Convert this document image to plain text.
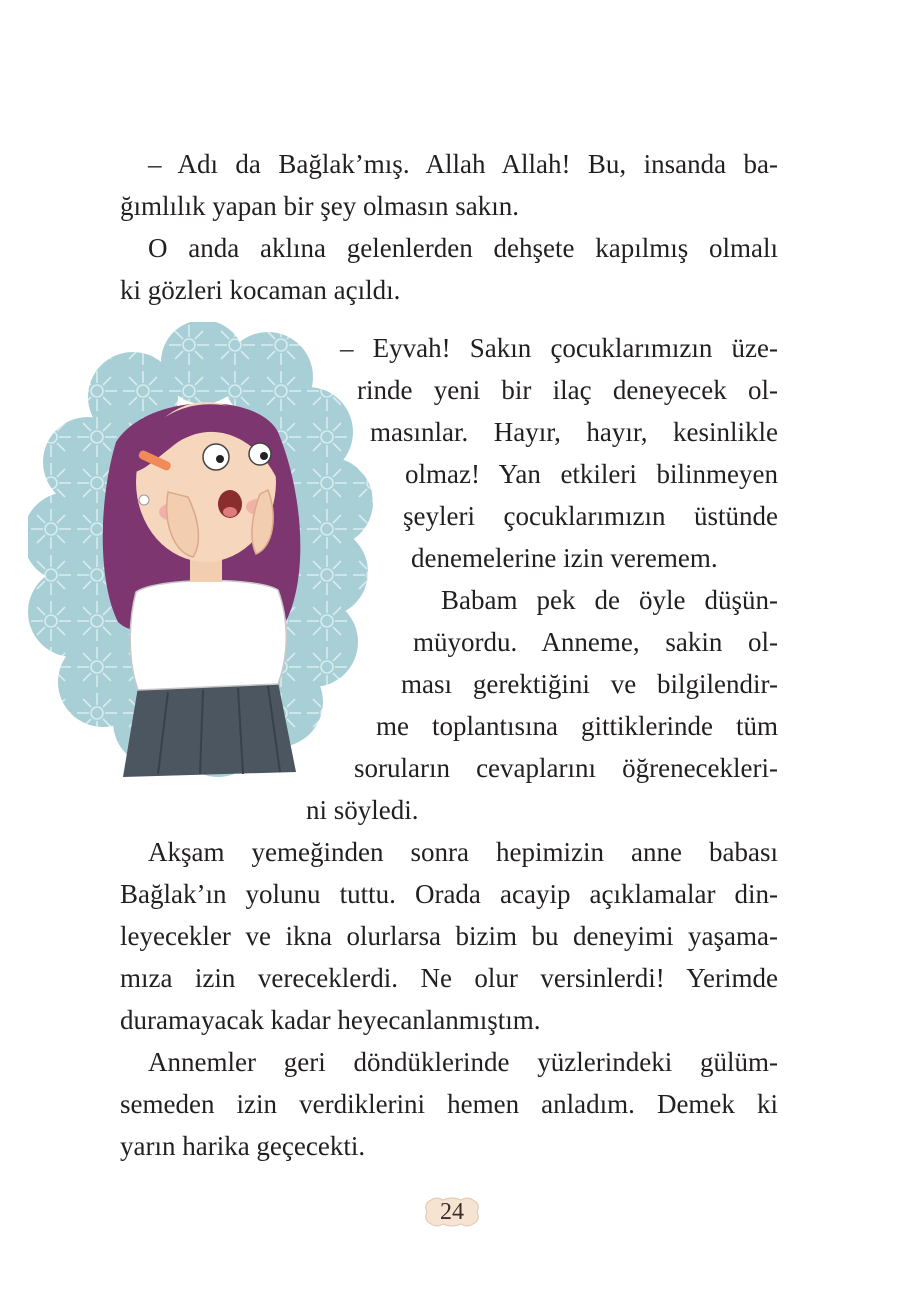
– Adı da Bağlak’mış. Allah Allah! Bu, insanda ba-
ğımlılık yapan bir şey olmasın sakın.
O anda aklına gelenlerden dehşete kapılmış olmalı
ki gözleri kocaman açıldı.
– Eyvah! Sakın çocuklarımızın üze-
rinde yeni bir ilaç deneyecek ol-
masınlar. Hayır, hayır, kesinlikle
olmaz! Yan etkileri bilinmeyen
şeyleri çocuklarımızın üstünde
denemelerine izin veremem.
Babam pek de öyle düşün-
müyordu. Anneme, sakin ol-
ması gerektiğini ve bilgilendir-
me toplantısına gittiklerinde tüm
soruların cevaplarını öğrenecekleri-
ni söyledi.
Akşam yemeğinden sonra hepimizin anne babası
Bağlak’ın yolunu tuttu. Orada acayip açıklamalar din-
leyecekler ve ikna olurlarsa bizim bu deneyimi yaşama-
mıza izin vereceklerdi. Ne olur versinlerdi! Yerimde
duramayacak kadar heyecanlanmıştım.
Annemler geri döndüklerinde yüzlerindeki gülüm-
semeden izin verdiklerini hemen anladım. Demek ki
yarın harika geçecekti.
24
